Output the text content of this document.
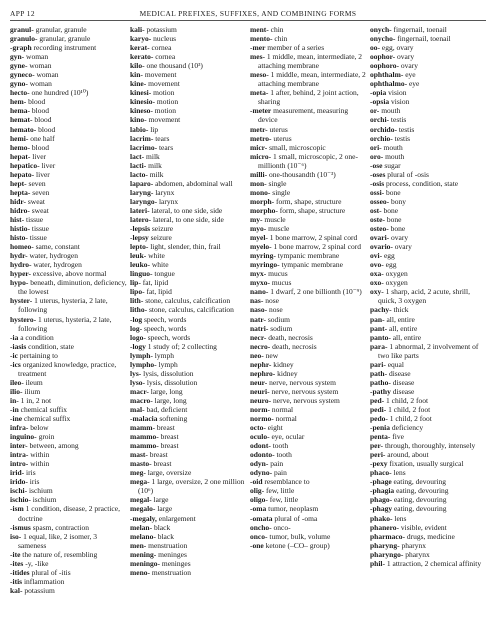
APP 12	MEDICAL PREFIXES, SUFFIXES, AND COMBINING FORMS

granul- granular, granule

granulo- granular, granule

-graph recording instrument

gyn- woman

gyne- woman

gyneco- woman

gyno- woman

hecto- one hundred (10¹⁰)

hem- blood

hema- blood

hemat- blood

hemato- blood

hemi- one half

hemo- blood

hepat- liver

hepatico- liver

hepato- liver

hept- seven

hepta- seven

hidr- sweat

hidro- sweat

hist- tissue

histio- tissue

histo- tissue

homeo- same, constant

hydr- water, hydrogen

hydro- water, hydrogen

hyper- excessive, above normal

hypo- beneath, diminution, deficiency, the lowest

hyster- 1 uterus, hysteria, 2 late, following

hystero- 1 uterus, hysteria, 2 late, following

-ia a condition

-iasis condition, state

-ic pertaining to

-ics organized knowledge, practice, treatment

ileo- ileum

ilio- ilium

in- 1 in, 2 not

-in chemical suffix

-ine chemical suffix

infra- below

inguino- groin

inter- between, among

intra- within

intro- within

irid- iris

irido- iris

ischi- ischium

ischio- ischium

-ism 1 condition, disease, 2 practice, doctrine

-ismus spasm, contraction

iso- 1 equal, like, 2 isomer, 3 sameness

-ite the nature of, resembling

-ites -y, -like

-itides plural of -itis

-itis inflammation

kal- potassium

kali- potassium

karyo- nucleus

kerat- cornea

kerato- cornea

kilo- one thousand (10³)

kin- movement

kine- movement

kinesi- motion

kinesio- motion

kineso- motion

kino- movement

labio- lip

lacrim- tears

lacrimo- tears

lact- milk

lacti- milk

lacto- milk

laparo- abdomen, abdominal wall

laryng- larynx

laryngo- larynx

lateri- lateral, to one side, side

latero- lateral, to one side, side

-lepsis seizure

-lepsy seizure

lepto- light, slender, thin, frail

leuk- white

leuko- white

linguo- tongue

lip- fat, lipid

lipo- fat, lipid

lith- stone, calculus, calcification

litho- stone, calculus, calcification

-log speech, words

log- speech, words

logo- speech, words

-logy 1 study of; 2 collecting

lymph- lymph

lympho- lymph

lys- lysis, dissolution

lyso- lysis, dissolution

macr- large, long

macro- large, long

mal- bad, deficient

-malacia softening

mamm- breast

mammo- breast

mammo- breast

mast- breast

masto- breast

meg- large, oversize

mega- 1 large, oversize, 2 one million (10⁶)

megal- large

megalo- large

-megaly, enlargement

melan- black

melano- black

men- menstruation

mening- meninges

meningo- meninges

meno- menstruation

ment- chin

mento- chin

-mer member of a series

mes- 1 middle, mean, intermediate, 2 attaching membrane

meso- 1 middle, mean, intermediate, 2 attaching membrane

meta- 1 after, behind, 2 joint action, sharing

-meter measurement, measuring device

metr- uterus

metro- uterus

micr- small, microscopic

micro- 1 small, microscopic, 2 one-millionth (10⁻⁶)

milli- one-thousandth (10⁻³)

mon- single

mono- single

morph- form, shape, structure

morpho- form, shape, structure

my- muscle

myo- muscle

myel- 1 bone marrow, 2 spinal cord

myelo- 1 bone marrow, 2 spinal cord

myring- tympanic membrane

myringo- tympanic membrane

myx- mucus

myxo- mucus

nano- 1 dwarf, 2 one billionth (10⁻⁹)

nas- nose

naso- nose

natr- sodium

natri- sodium

necr- death, necrosis

necro- death, necrosis

neo- new

nephr- kidney

nephro- kidney

neur- nerve, nervous system

neuri- nerve, nervous system

neuro- nerve, nervous system

norm- normal

normo- normal

octo- eight

oculo- eye, ocular

odont- tooth

odonto- tooth

odyn- pain

odyno- pain

-oid resemblance to

olig- few, little

oligo- few, little

-oma tumor, neoplasm

-omata plural of -oma

oncho- onco-

onco- tumor, bulk, volume

-one ketone (–CO– group)

onych- fingernail, toenail

onycho- fingernail, toenail

oo- egg, ovary

oophor- ovary

oophoro- ovary

ophthalm- eye

ophthalmo- eye

-opia vision

-opsia vision

or- mouth

orchi- testis

orchido- testis

orchio- testis

ori- mouth

oro- mouth

-ose sugar

-oses plural of -osis

-osis process, condition, state

ossi- bone

osseo- bony

ost- bone

oste- bone

osteo- bone

ovari- ovary

ovario- ovary

ovi- egg

ovo- egg

oxa- oxygen

oxo- oxygen

oxy- 1 sharp, acid, 2 acute, shrill, quick, 3 oxygen

pachy- thick

pan- all, entire

pant- all, entire

panto- all, entire

para- 1 abnormal, 2 involvement of two like parts

pari- equal

path- disease

patho- disease

-pathy disease

ped- 1 child, 2 foot

pedi- 1 child, 2 foot

pedo- 1 child, 2 foot

-penia deficiency

penta- five

per- through, thoroughly, intensely

peri- around, about

-pexy fixation, usually surgical

phaco- lens

-phage eating, devouring

-phagia eating, devouring

phago- eating, devouring

-phagy eating, devouring

phako- lens

phanero- visible, evident

pharmaco- drugs, medicine

pharyng- pharynx

pharyngo- pharynx

phil- 1 attraction, 2 chemical affinity
